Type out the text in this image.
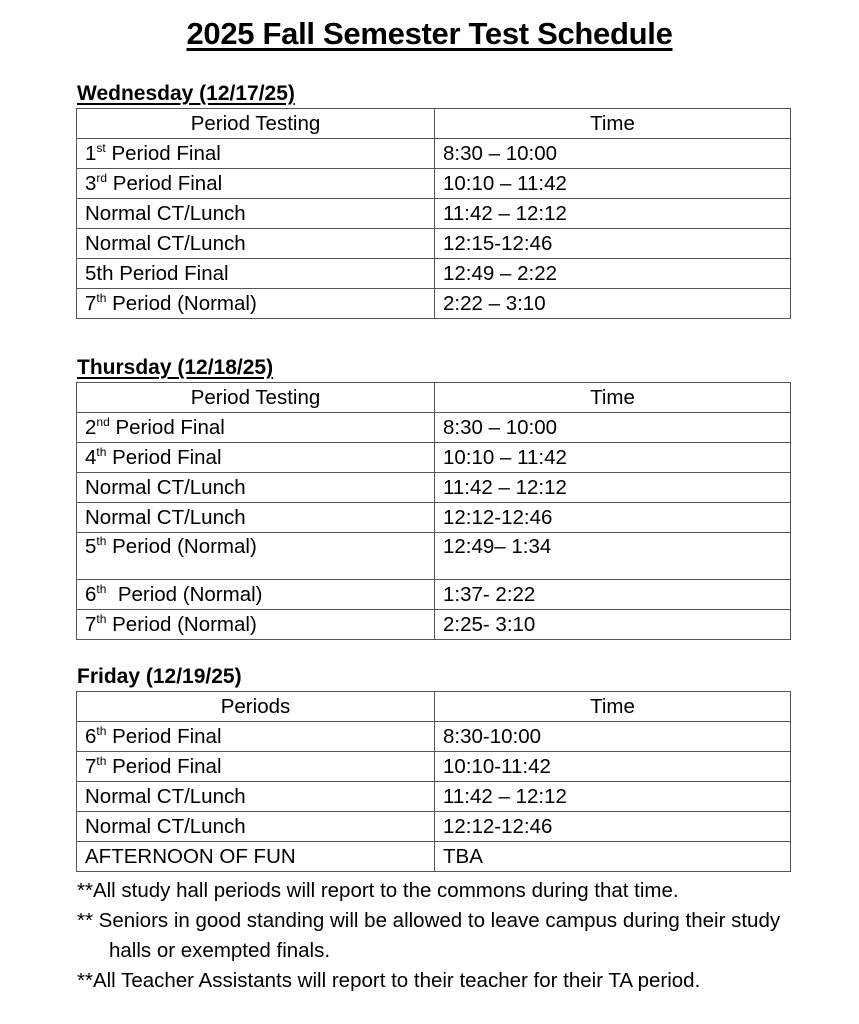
2025 Fall Semester Test Schedule
Wednesday (12/17/25)
Period Testing	Time
1st Period Final	8:30 – 10:00
3rd Period Final	10:10 – 11:42
Normal CT/Lunch	11:42 – 12:12
Normal CT/Lunch	12:15-12:46
5th Period Final	12:49 – 2:22
7th Period (Normal)	2:22 – 3:10
Thursday (12/18/25)
Period Testing	Time
2nd Period Final	8:30 – 10:00
4th Period Final	10:10 – 11:42
Normal CT/Lunch	11:42 – 12:12
Normal CT/Lunch	12:12-12:46
5th Period (Normal)	12:49– 1:34
6th  Period (Normal)	1:37- 2:22
7th Period (Normal)	2:25- 3:10
Friday (12/19/25)
Periods	Time
6th Period Final	8:30-10:00
7th Period Final	10:10-11:42
Normal CT/Lunch	11:42 – 12:12
Normal CT/Lunch	12:12-12:46
AFTERNOON OF FUN	TBA

**All study hall periods will report to the commons during that time.

** Seniors in good standing will be allowed to leave campus during their study halls or exempted finals.

**All Teacher Assistants will report to their teacher for their TA period.
